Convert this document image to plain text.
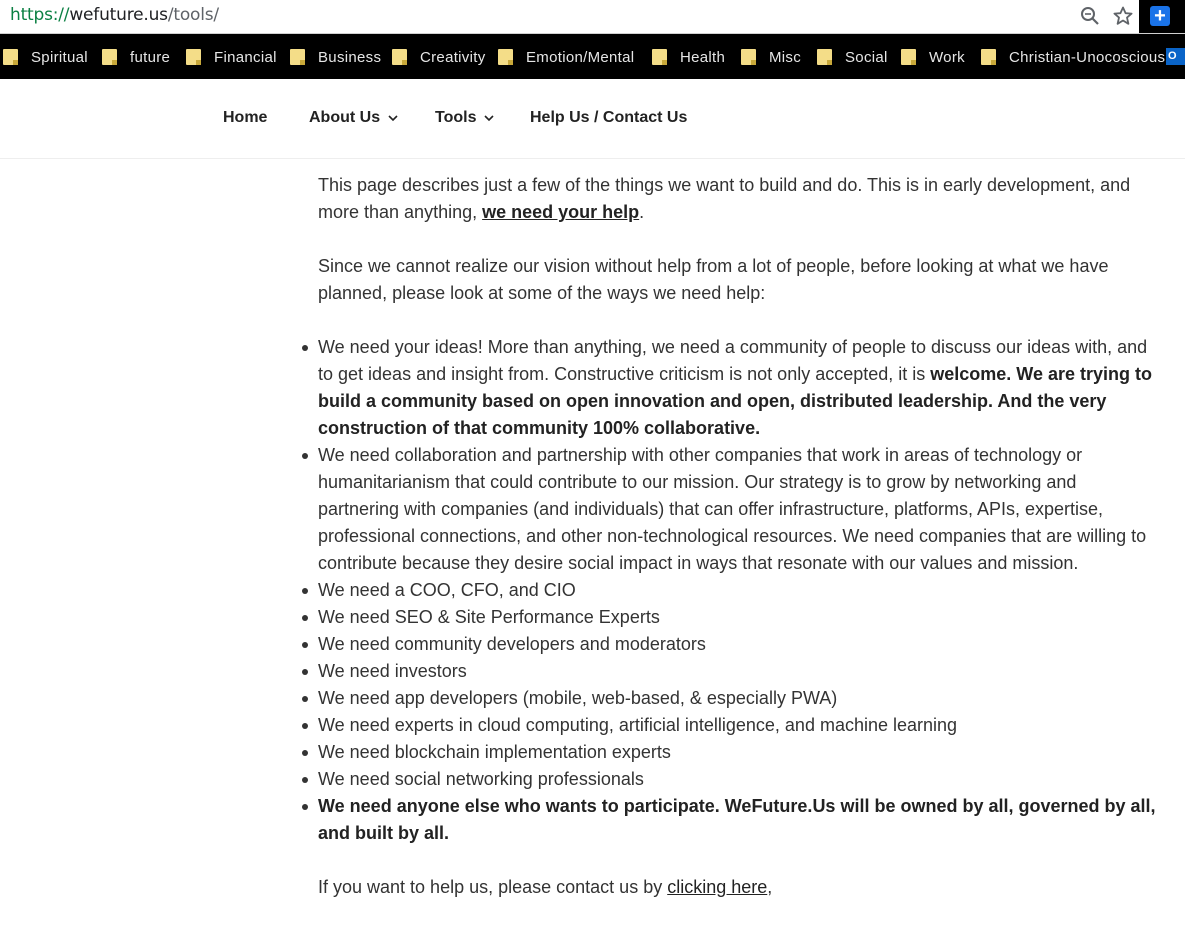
https://wefuture.us/tools/	+
Spiritual	future	Financial	Business	Creativity	Emotion/Mental	Health	Misc	Social	Work	Christian-Unocoscious O
Home	About Us	Tools	Help Us / Contact Us

This page describes just a few of the things we want to build and do. This is in early development, and more than anything, we need your help.

Since we cannot realize our vision without help from a lot of people, before looking at what we have planned, please look at some of the ways we need help:

We need your ideas! More than anything, we need a community of people to discuss our ideas with, and to get ideas and insight from. Constructive criticism is not only accepted, it is welcome. We are trying to build a community based on open innovation and open, distributed leadership. And the very construction of that community 100% collaborative.
We need collaboration and partnership with other companies that work in areas of technology or humanitarianism that could contribute to our mission. Our strategy is to grow by networking and partnering with companies (and individuals) that can offer infrastructure, platforms, APIs, expertise, professional connections, and other non-technological resources. We need companies that are willing to contribute because they desire social impact in ways that resonate with our values and mission.
We need a COO, CFO, and CIO
We need SEO & Site Performance Experts
We need community developers and moderators
We need investors
We need app developers (mobile, web-based, & especially PWA)
We need experts in cloud computing, artificial intelligence, and machine learning
We need blockchain implementation experts
We need social networking professionals
We need anyone else who wants to participate. WeFuture.Us will be owned by all, governed by all, and built by all.

If you want to help us, please contact us by clicking here,
